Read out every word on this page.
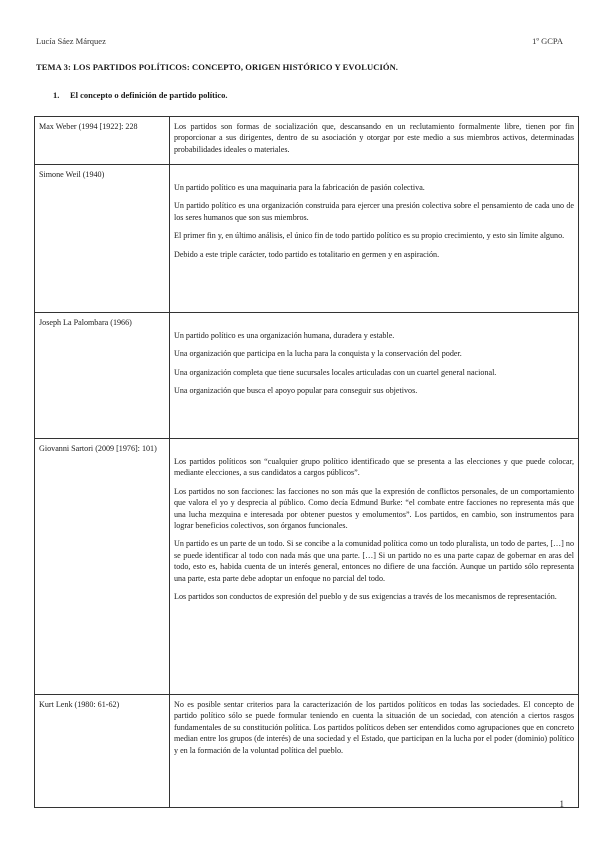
Lucía Sáez Márquez	1º GCPA
TEMA 3: LOS PARTIDOS POLÍTICOS: CONCEPTO, ORIGEN HISTÓRICO Y EVOLUCIÓN.
1. El concepto o definición de partido político.
Max Weber (1994 [1922]: 228	Los partidos son formas de socialización que, descansando en un reclutamiento formalmente libre, tienen por fin proporcionar a sus dirigentes, dentro de su asociación y otorgar por este medio a sus miembros activos, determinadas probabilidades ideales o materiales.

Simone Weil (1940)	Un partido político es una maquinaria para la fabricación de pasión colectiva.

Un partido político es una organización construida para ejercer una presión colectiva sobre el pensamiento de cada uno de los seres humanos que son sus miembros.

El primer fin y, en último análisis, el único fin de todo partido político es su propio crecimiento, y esto sin límite alguno.

Debido a este triple carácter, todo partido es totalitario en germen y en aspiración.

Joseph La Palombara (1966)	Un partido político es una organización humana, duradera y estable.

Una organización que participa en la lucha para la conquista y la conservación del poder.

Una organización completa que tiene sucursales locales articuladas con un cuartel general nacional.

Una organización que busca el apoyo popular para conseguir sus objetivos.

Giovanni Sartori (2009 [1976]: 101)	Los partidos políticos son “cualquier grupo político identificado que se presenta a las elecciones y que puede colocar, mediante elecciones, a sus candidatos a cargos públicos”.

Los partidos no son facciones: las facciones no son más que la expresión de conflictos personales, de un comportamiento que valora el yo y desprecia al público. Como decía Edmund Burke: “el combate entre facciones no representa más que una lucha mezquina e interesada por obtener puestos y emolumentos”. Los partidos, en cambio, son instrumentos para lograr beneficios colectivos, son órganos funcionales.

Un partido es un parte de un todo. Si se concibe a la comunidad política como un todo pluralista, un todo de partes, […] no se puede identificar al todo con nada más que una parte. […] Si un partido no es una parte capaz de gobernar en aras del todo, esto es, habida cuenta de un interés general, entonces no difiere de una facción. Aunque un partido sólo representa una parte, esta parte debe adoptar un enfoque no parcial del todo.

Los partidos son conductos de expresión del pueblo y de sus exigencias a través de los mecanismos de representación.

Kurt Lenk (1980: 61-62)	No es posible sentar criterios para la caracterización de los partidos políticos en todas las sociedades. El concepto de partido político sólo se puede formular teniendo en cuenta la situación de un sociedad, con atención a ciertos rasgos fundamentales de su constitución política. Los partidos políticos deben ser entendidos como agrupaciones que en concreto median entre los grupos (de interés) de una sociedad y el Estado, que participan en la lucha por el poder (dominio) político y en la formación de la voluntad política del pueblo.

1
